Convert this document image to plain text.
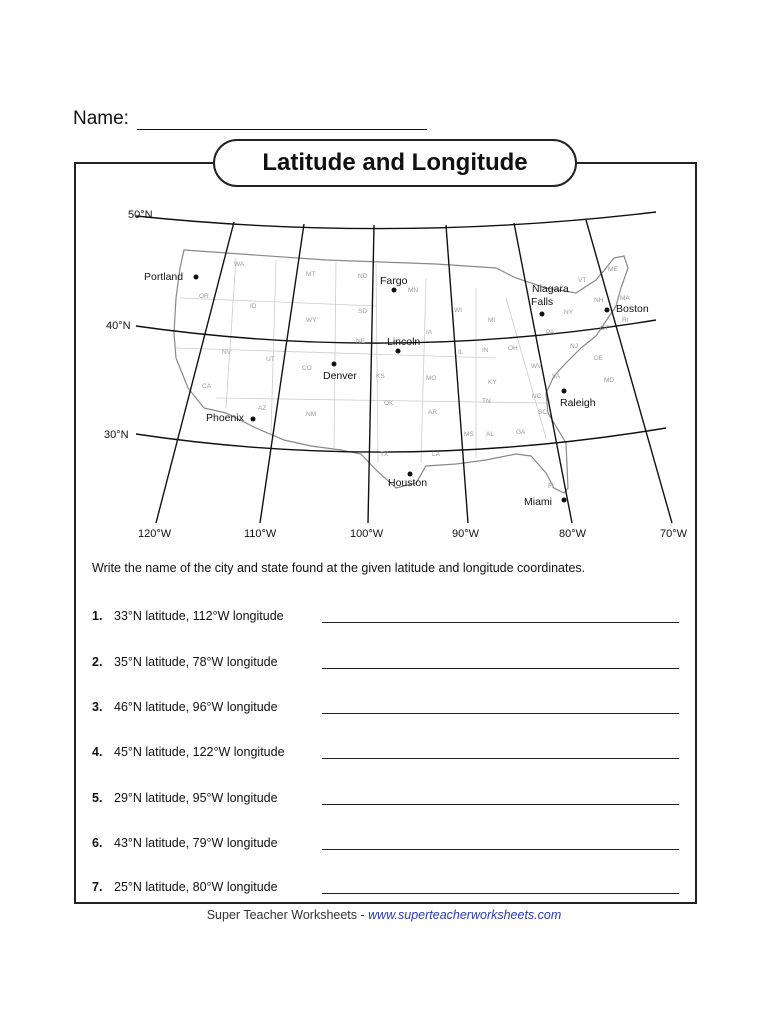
Name:
Latitude and Longitude
50°N
40°N
30°N
120°W	110°W	100°W	90°W	80°W	70°W
WA
OR
CA
ID
NV
MT
WY
UT
AZ
CO
NM
ND
SD
NE
KS
OK
TX
MN
IA
MO
AR
LA
WI
IL
MI
IN
KY
TN
MS AL	GA
FL
OH
WV
VA
NC
SC
PA
NY
VT
NH
ME
MA
CT
RI
NJ
DE
MD
Portland	Fargo
Niagara
Falls
Boston
Lincoln
Denver
Raleigh
Phoenix
Houston
Miami
Write the name of the city and state found at the given latitude and longitude coordinates.
1. 33°N latitude, 112°W longitude
2. 35°N latitude, 78°W longitude
3. 46°N latitude, 96°W longitude
4. 45°N latitude, 122°W longitude
5. 29°N latitude, 95°W longitude
6. 43°N latitude, 79°W longitude
7. 25°N latitude, 80°W longitude
Super Teacher Worksheets - www.superteacherworksheets.com
